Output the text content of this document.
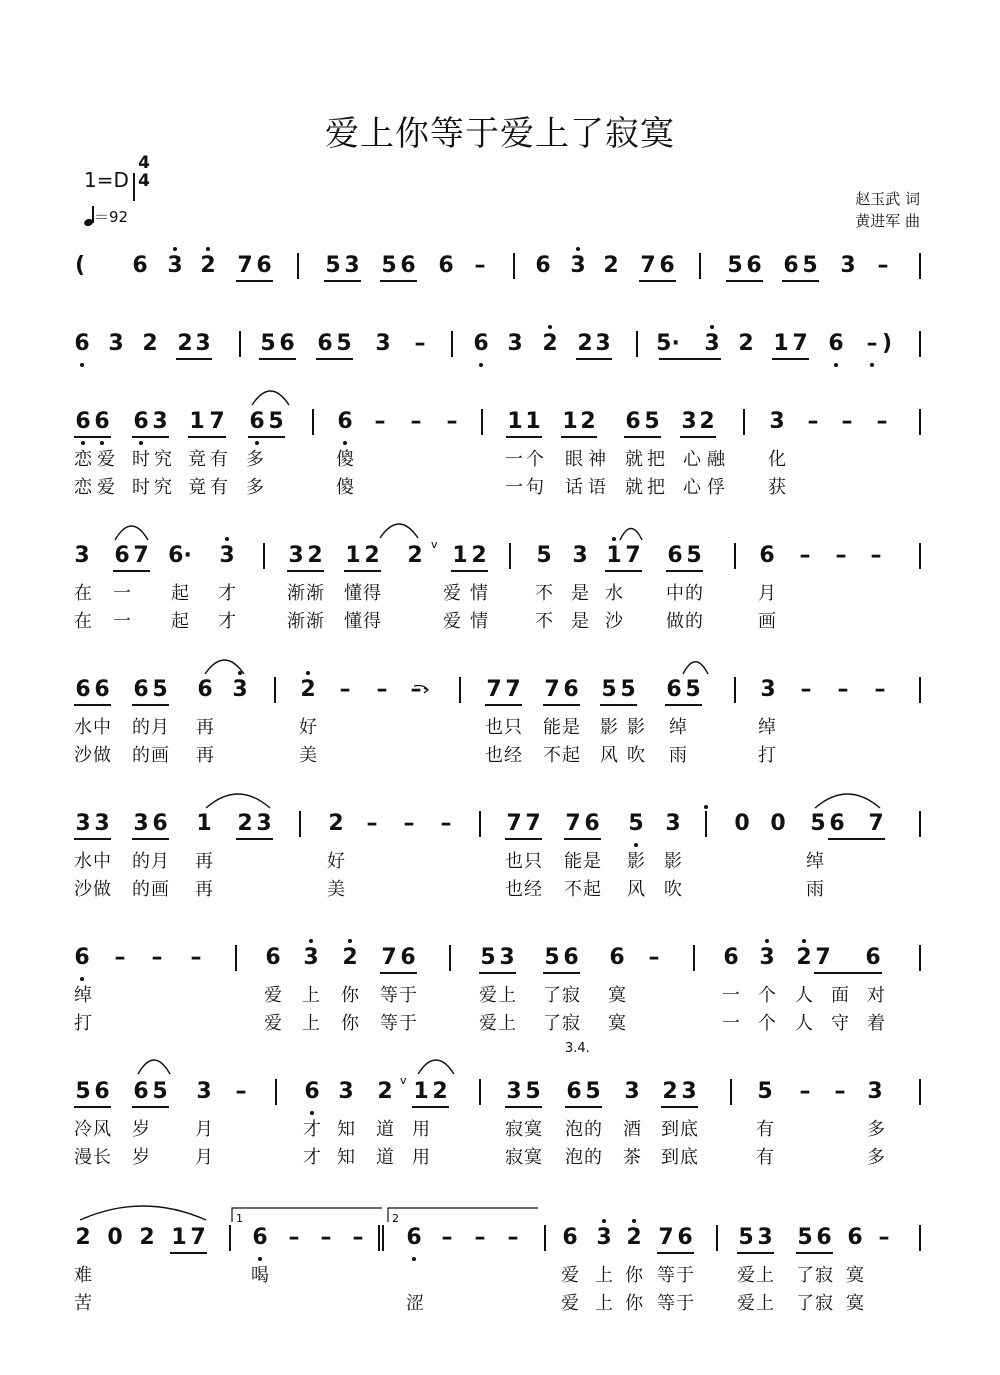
爱上你等于爱上了寂寞
1=D
4
4
＝92
赵玉武 词
黄进军 曲
3.4.
(	6 3 2 7 6 5 3 5 6 6 –	6 3 2 7 6 5 6 6 5 3 –
6 3 2 2 3 5 6 6 5 3	–	6 3 2 2 3 5· 3 2 1 7 6	– )
6 6 6 3 1 7 6 5 6 –	–	–	1 1 1 2 6 5 3 2 3	–	–	–
恋 爱 时 究 竟 有 多	傻	一 个 眼 神 就 把 心 融 化
恋 爱 时 究 竟 有 多	傻	一 句 话 语 就 把 心 俘 获
3 6 7 6· 3 3 2 1 2 2 1 2 5 3 1 7 6 5	6	–	–	–
在 一 起 才	渐 渐 懂 得	爱 情	不 是 水 中 的	月
在 一 起 才	渐 渐 懂 得	爱 情	不 是 沙 做 的	画
6 6 6 5 6 3 2	–	–	–	7 7 7 6 5 5 6 5	3	–	–	–
水 中 的 月 再	好	也 只 能 是 影 影 绰	绰
沙 做 的 画 再	美	也 经 不 起 风 吹 雨	打
3 3 3 6 1 2 3	2	–	–	–	7 7 7 6 5 3 0 0 5 6 7
水 中 的 月 再	好	也 只 能 是 影 影	绰
沙 做 的 画 再	美	也 经 不 起 风 吹	雨
6	–	–	–	6 3 2 7 6	5 3 5 6 6	–	6 3 2 7 6
绰	爱 上 你 等 于	爱 上 了 寂 寞	一 个 人 面 对
打	爱 上 你 等 于	爱 上 了 寂 寞	一 个 人 守 着
5 6 6 5 3	–	6 3 2 1 2	3 5 6 5 3 2 3	5	–	– 3
冷 风 岁	月	才 知 道 用	寂 寞 泡 的 酒 到 底	有	多
漫 长 岁	月	才 知 道 用	寂 寞 泡 的 茶 到 底	有	多
2 0 2 1 7 6 – – –	6 –	–	–	6 3 2 7 6 5 3 5 6 6 –
难	喝	爱 上 你 等 于 爱 上 了 寂 寞
苦	涩	爱 上 你 等 于 爱 上 了 寂 寞
v
v
1	2
